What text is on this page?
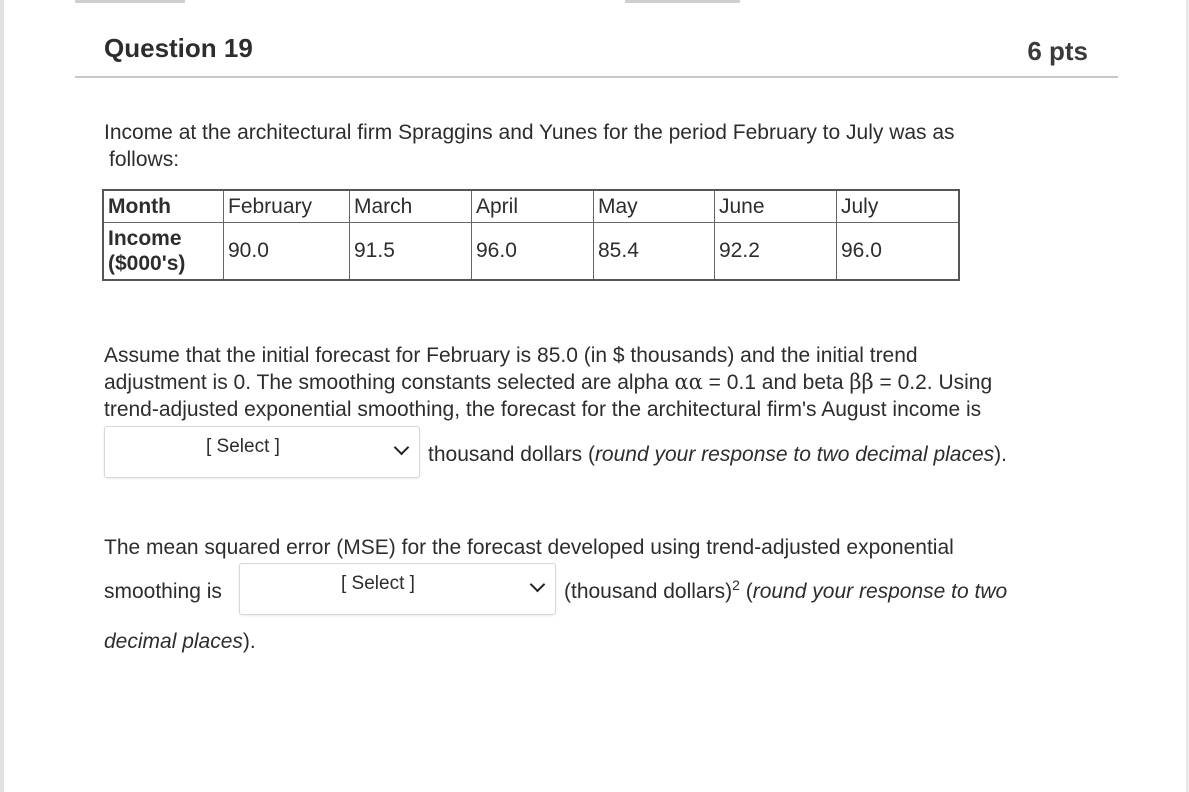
Question 19	6 pts
Income at the architectural firm Spraggins and Yunes for the period February to July was as
follows:
Month	February	March	April	May	June	July

Income
($000's)	90.0	91.5	96.0	85.4	92.2	96.0
Assume that the initial forecast for February is 85.0 (in $ thousands) and the initial trend
adjustment is 0. The smoothing constants selected are alpha αα = 0.1 and beta ββ = 0.2. Using
trend-adjusted exponential smoothing, the forecast for the architectural firm's August income is
[ Select ]	thousand dollars (round your response to two decimal places).
The mean squared error (MSE) for the forecast developed using trend-adjusted exponential
smoothing is	[ Select ]	(thousand dollars)$^2$ (round your response to two
decimal places).
